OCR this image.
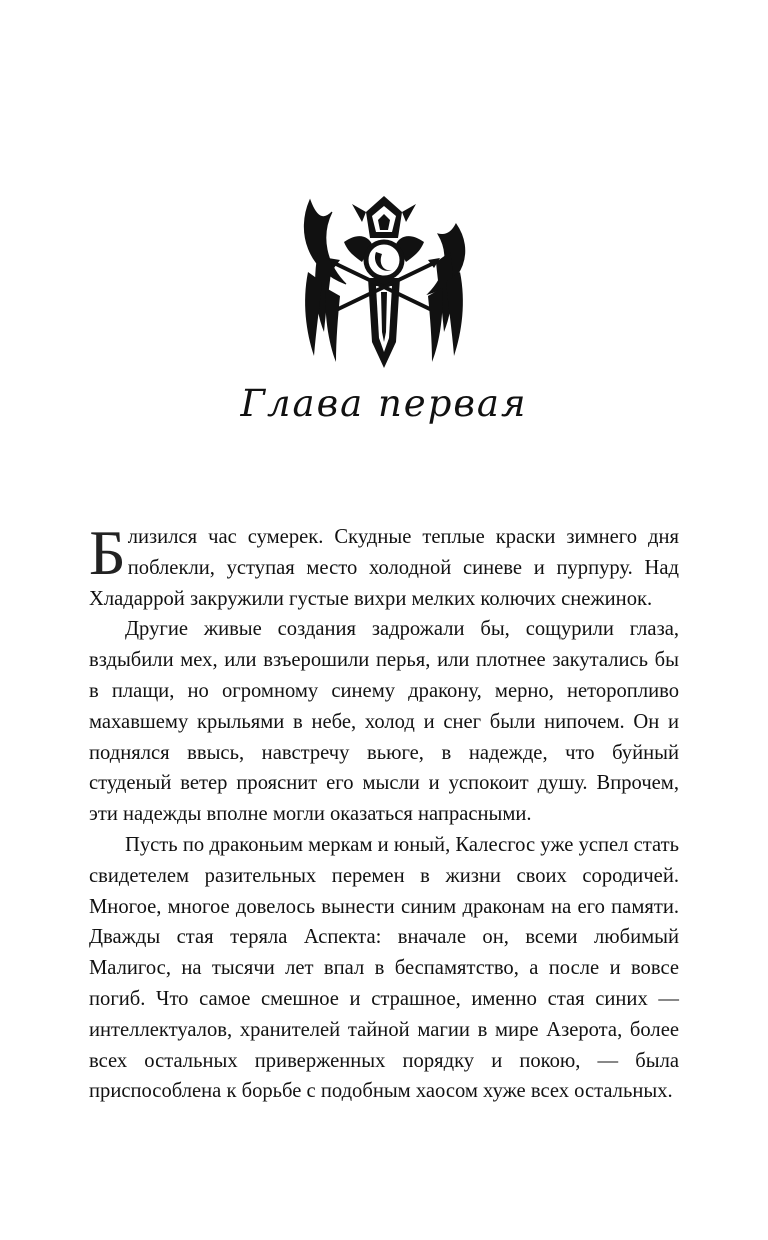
Глава первая

Близился час сумерек. Скудные теплые краски зимнего дня поблекли, уступая место холодной синеве и пурпуру. Над Хладаррой закружили густые вихри мелких колючих снежинок.

Другие живые создания задрожали бы, сощурили глаза, вздыбили мех, или взъерошили перья, или плотнее закутались бы в плащи, но огромному синему дракону, мерно, неторопливо махавшему крыльями в небе, холод и снег были нипочем. Он и поднялся ввысь, навстречу вьюге, в надежде, что буйный студеный ветер прояснит его мысли и успокоит душу. Впрочем, эти надежды вполне могли оказаться напрасными.

Пусть по драконьим меркам и юный, Калесгос уже успел стать свидетелем разительных перемен в жизни своих сородичей. Многое, многое довелось вынести синим драконам на его памяти. Дважды стая теряла Аспекта: вначале он, всеми любимый Малигос, на тысячи лет впал в беспамятство, а после и вовсе погиб. Что самое смешное и страшное, именно стая синих — интеллектуалов, хранителей тайной магии в мире Азерота, более всех остальных приверженных порядку и покою, — была приспособлена к борьбе с подобным хаосом хуже всех остальных.
